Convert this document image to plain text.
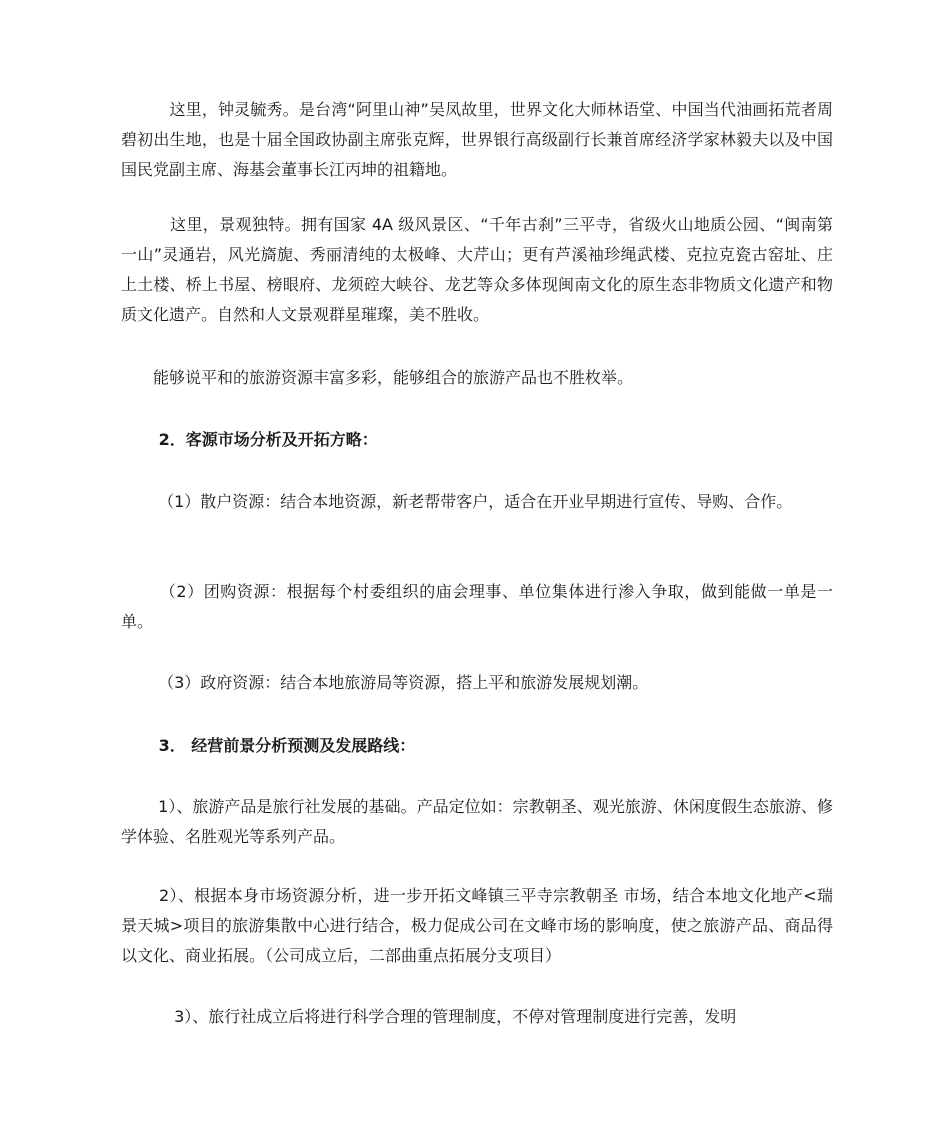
　　　这里，钟灵毓秀。是台湾“阿里山神”吴凤故里，世界文化大师林语堂、中国当代油画拓荒者周碧初出生地，也是十届全国政协副主席张克辉，世界银行高级副行长兼首席经济学家林毅夫以及中国国民党副主席、海基会董事长江丙坤的祖籍地。

　　　这里，景观独特。拥有国家 4A 级风景区、“千年古刹”三平寺，省级火山地质公园、“闽南第一山”灵通岩，风光旖旎、秀丽清纯的太极峰、大芹山；更有芦溪袖珍绳武楼、克拉克瓷古窑址、庄上土楼、桥上书屋、榜眼府、龙须硿大峡谷、龙艺等众多体现闽南文化的原生态非物质文化遗产和物质文化遗产。自然和人文景观群星璀璨，美不胜收。

　　能够说平和的旅游资源丰富多彩，能够组合的旅游产品也不胜枚举。

　　 2．客源市场分析及开拓方略：

　　 （1）散户资源：结合本地资源，新老帮带客户，适合在开业早期进行宣传、导购、合作。

　　 （2）团购资源：根据每个村委组织的庙会理事、单位集体进行渗入争取，做到能做一单是一单。

　　 （3）政府资源：结合本地旅游局等资源，搭上平和旅游发展规划潮。

　　 3． 经营前景分析预测及发展路线：

　　 1）、旅游产品是旅行社发展的基础。产品定位如：宗教朝圣、观光旅游、休闲度假生态旅游、修学体验、名胜观光等系列产品。

　　 2）、根据本身市场资源分析，进一步开拓文峰镇三平寺宗教朝圣 市场，结合本地文化地产<瑞景天城>项目的旅游集散中心进行结合，极力促成公司在文峰市场的影响度，使之旅游产品、商品得以文化、商业拓展。（公司成立后，二部曲重点拓展分支项目）

　　　 3）、旅行社成立后将进行科学合理的管理制度，不停对管理制度进行完善，发明
